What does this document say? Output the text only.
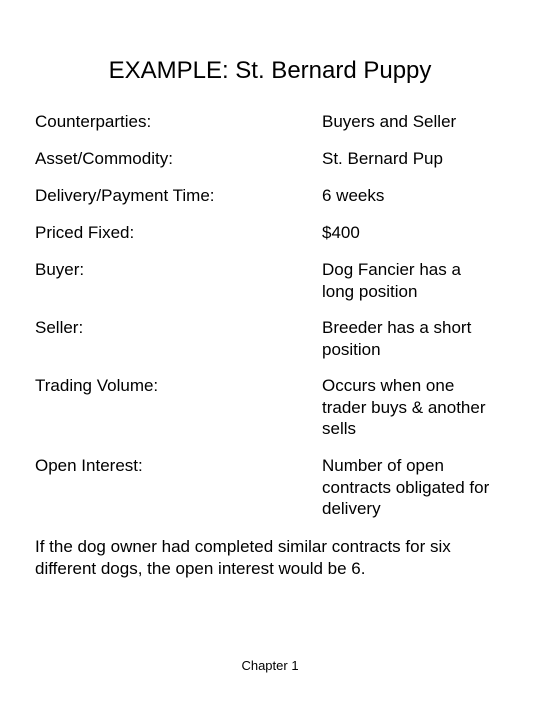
EXAMPLE: St. Bernard Puppy
Counterparties:	Buyers and Seller
Asset/Commodity:	St. Bernard Pup
Delivery/Payment Time:	6 weeks
Priced Fixed:	$400
Buyer:	Dog Fancier has a long position
Seller:	Breeder has a short position
Trading Volume:	Occurs when one trader buys & another sells
Open Interest:	Number of open contracts obligated for delivery
If the dog owner had completed similar contracts for six different dogs, the open interest would be 6.
Chapter 1
